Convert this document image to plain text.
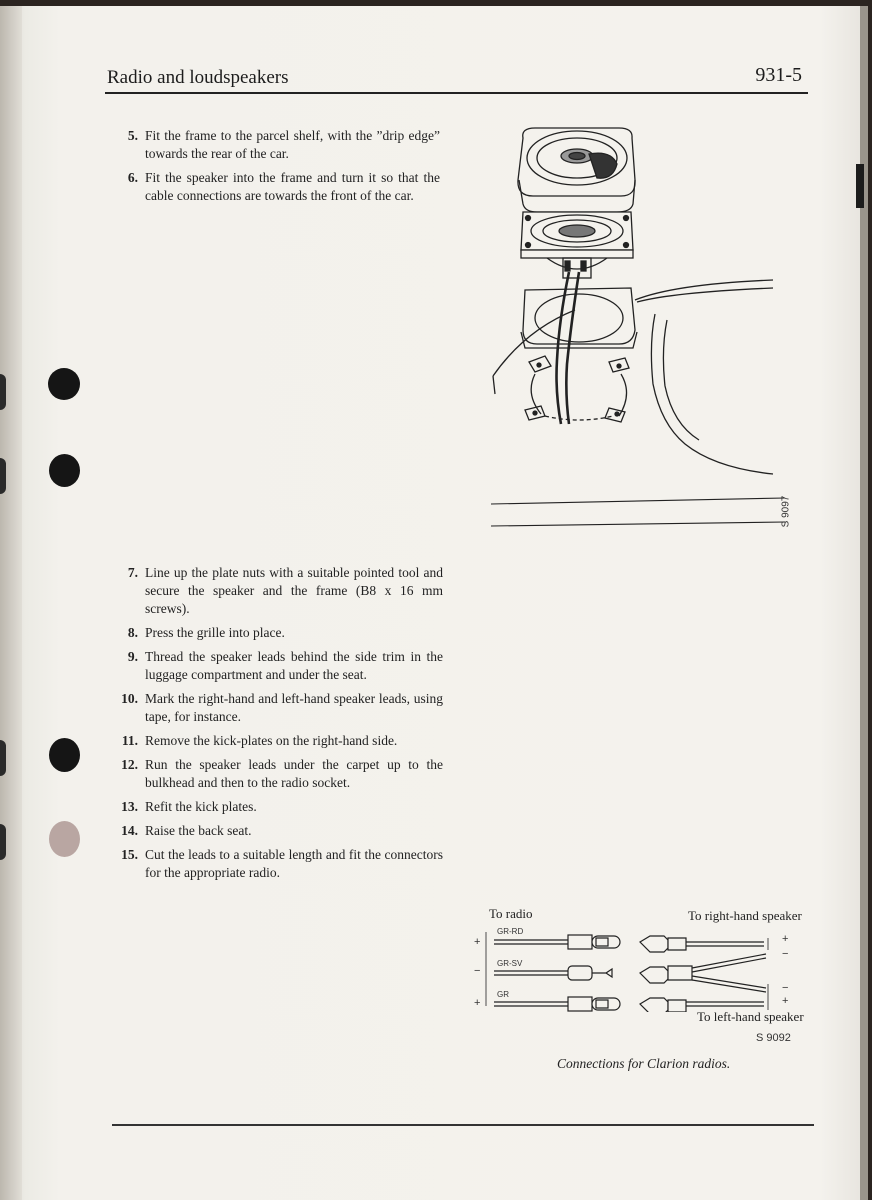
Radio and loudspeakers	931-5
5. Fit the frame to the parcel shelf, with the ”drip edge” towards the rear of the car.
6. Fit the speaker into the frame and turn it so that the cable connections are towards the front of the car.
S 9097
7. Line up the plate nuts with a suitable pointed tool and secure the speaker and the frame (B8 x 16 mm screws).
8. Press the grille into place.
9. Thread the speaker leads behind the side trim in the luggage compartment and under the seat.
10. Mark the right-hand and left-hand speaker leads, using tape, for instance.
11. Remove the kick-plates on the right-hand side.
12. Run the speaker leads under the carpet up to the bulkhead and then to the radio socket.
13. Refit the kick plates.
14. Raise the back seat.
15. Cut the leads to a suitable length and fit the connectors for the appropriate radio.
To radio	To right-hand speaker
To left-hand speaker
+
−
+
GR-RD
GR-SV
GR
+
−
−
+
S 9092
Connections for Clarion radios.
